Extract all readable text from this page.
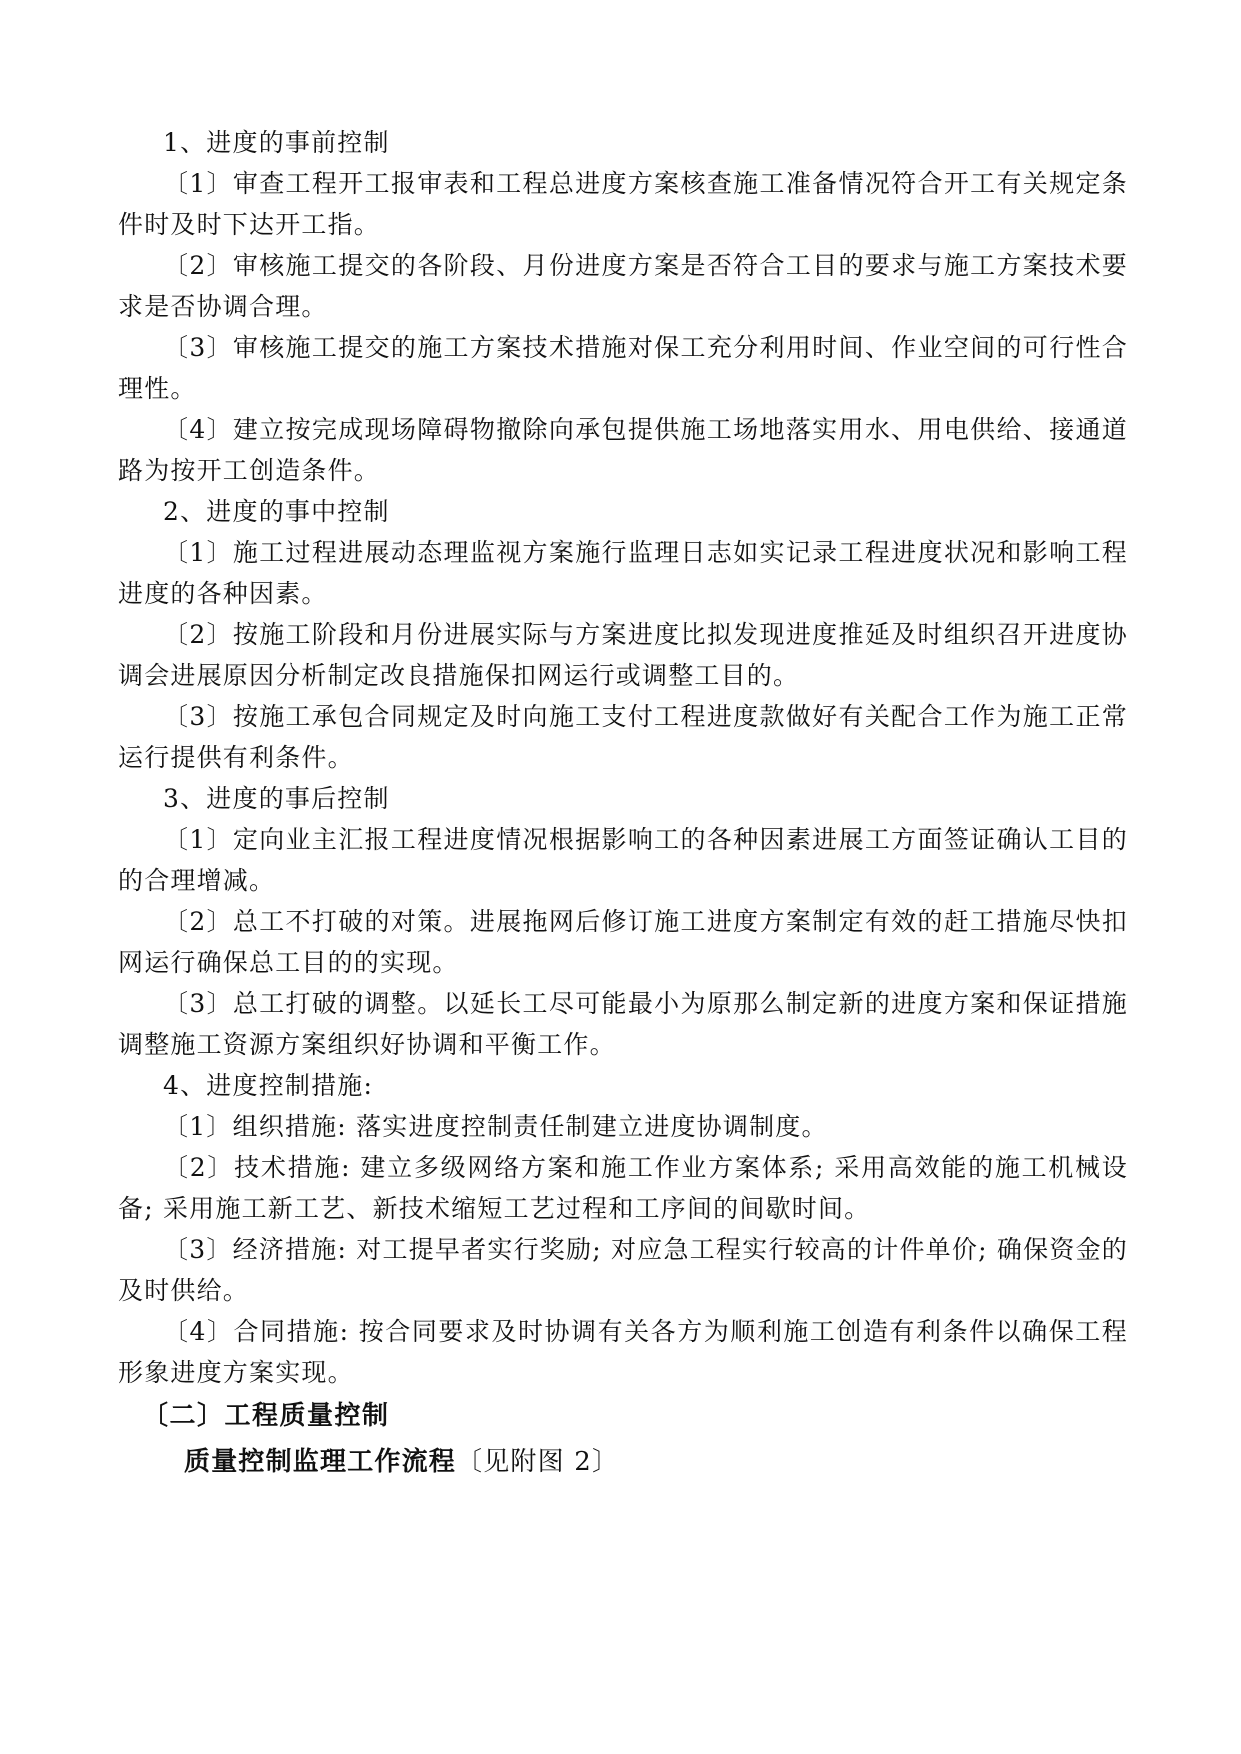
1、进度的事前控制

〔1〕审查工程开工报审表和工程总进度方案核查施工准备情况符合开工有关规定条件时及时下达开工指。

〔2〕审核施工提交的各阶段、月份进度方案是否符合工目的要求与施工方案技术要求是否协调合理。

〔3〕审核施工提交的施工方案技术措施对保工充分利用时间、作业空间的可行性合理性。

〔4〕建立按完成现场障碍物撤除向承包提供施工场地落实用水、用电供给、接通道路为按开工创造条件。

2、进度的事中控制

〔1〕施工过程进展动态理监视方案施行监理日志如实记录工程进度状况和影响工程进度的各种因素。

〔2〕按施工阶段和月份进展实际与方案进度比拟发现进度推延及时组织召开进度协调会进展原因分析制定改良措施保扣网运行或调整工目的。

〔3〕按施工承包合同规定及时向施工支付工程进度款做好有关配合工作为施工正常运行提供有利条件。

3、进度的事后控制

〔1〕定向业主汇报工程进度情况根据影响工的各种因素进展工方面签证确认工目的的合理增减。

〔2〕总工不打破的对策。进展拖网后修订施工进度方案制定有效的赶工措施尽快扣网运行确保总工目的的实现。

〔3〕总工打破的调整。以延长工尽可能最小为原那么制定新的进度方案和保证措施调整施工资源方案组织好协调和平衡工作。

4、进度控制措施:

〔1〕组织措施: 落实进度控制责任制建立进度协调制度。

〔2〕技术措施: 建立多级网络方案和施工作业方案体系; 采用高效能的施工机械设备; 采用施工新工艺、新技术缩短工艺过程和工序间的间歇时间。

〔3〕经济措施: 对工提早者实行奖励; 对应急工程实行较高的计件单价; 确保资金的及时供给。

〔4〕合同措施: 按合同要求及时协调有关各方为顺利施工创造有利条件以确保工程形象进度方案实现。

〔二〕工程质量控制

质量控制监理工作流程〔见附图 2〕
